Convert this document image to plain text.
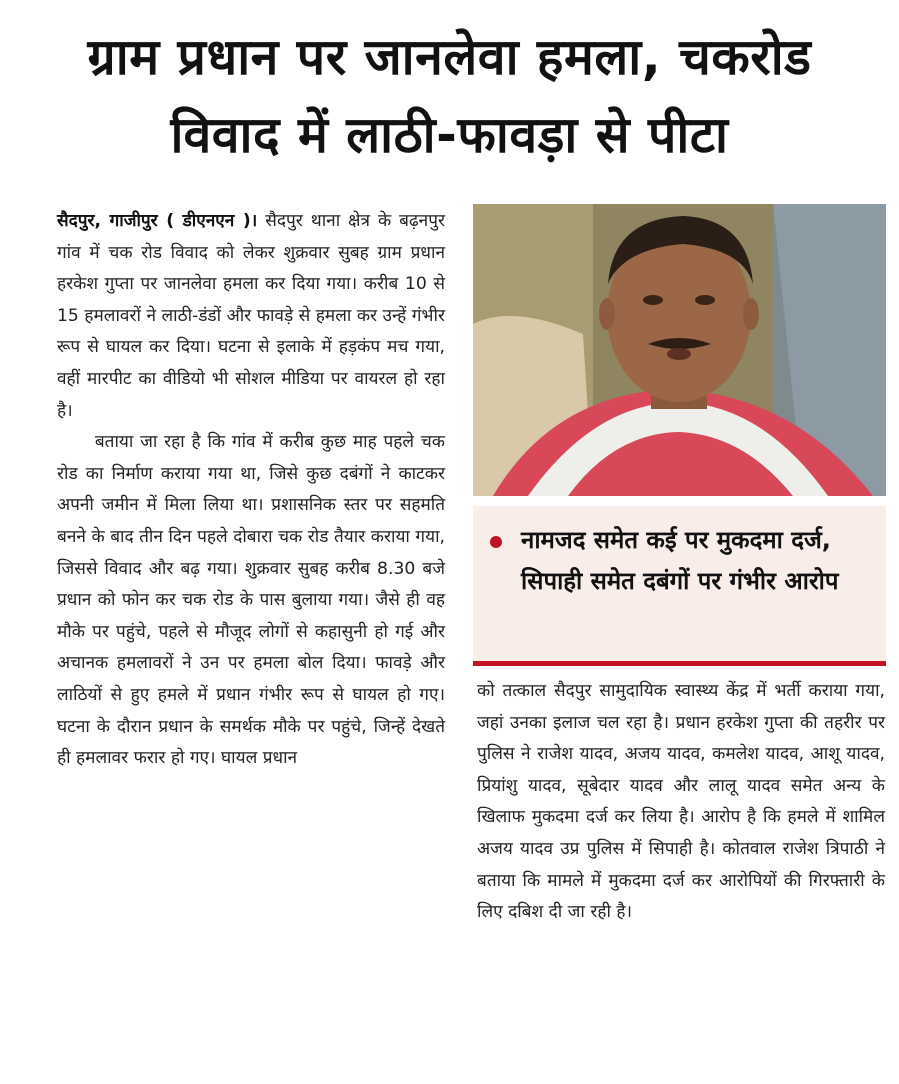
ग्राम प्रधान पर जानलेवा हमला, चकरोड
विवाद में लाठी-फावड़ा से पीटा

सैदपुर, गाजीपुर ( डीएनएन )। सैदपुर थाना क्षेत्र के बढ़नपुर गांव में चक रोड विवाद को लेकर शुक्रवार सुबह ग्राम प्रधान हरकेश गुप्ता पर जानलेवा हमला कर दिया गया। करीब 10 से 15 हमलावरों ने लाठी-डंडों और फावड़े से हमला कर उन्हें गंभीर रूप से घायल कर दिया। घटना से इलाके में हड़कंप मच गया, वहीं मारपीट का वीडियो भी सोशल मीडिया पर वायरल हो रहा है।

बताया जा रहा है कि गांव में करीब कुछ माह पहले चक रोड का निर्माण कराया गया था, जिसे कुछ दबंगों ने काटकर अपनी जमीन में मिला लिया था। प्रशासनिक स्तर पर सहमति बनने के बाद तीन दिन पहले दोबारा चक रोड तैयार कराया गया, जिससे विवाद और बढ़ गया। शुक्रवार सुबह करीब 8.30 बजे प्रधान को फोन कर चक रोड के पास बुलाया गया। जैसे ही वह मौके पर पहुंचे, पहले से मौजूद लोगों से कहासुनी हो गई और अचानक हमलावरों ने उन पर हमला बोल दिया। फावड़े और लाठियों से हुए हमले में प्रधान गंभीर रूप से घायल हो गए। घटना के दौरान प्रधान के समर्थक मौके पर पहुंचे, जिन्हें देखते ही हमलावर फरार हो गए। घायल प्रधान

नामजद समेत कई पर मुकदमा दर्ज, सिपाही समेत दबंगों पर गंभीर आरोप

को तत्काल सैदपुर सामुदायिक स्वास्थ्य केंद्र में भर्ती कराया गया, जहां उनका इलाज चल रहा है। प्रधान हरकेश गुप्ता की तहरीर पर पुलिस ने राजेश यादव, अजय यादव, कमलेश यादव, आशू यादव, प्रियांशु यादव, सूबेदार यादव और लालू यादव समेत अन्य के खिलाफ मुकदमा दर्ज कर लिया है। आरोप है कि हमले में शामिल अजय यादव उप्र पुलिस में सिपाही है। कोतवाल राजेश त्रिपाठी ने बताया कि मामले में मुकदमा दर्ज कर आरोपियों की गिरफ्तारी के लिए दबिश दी जा रही है।
